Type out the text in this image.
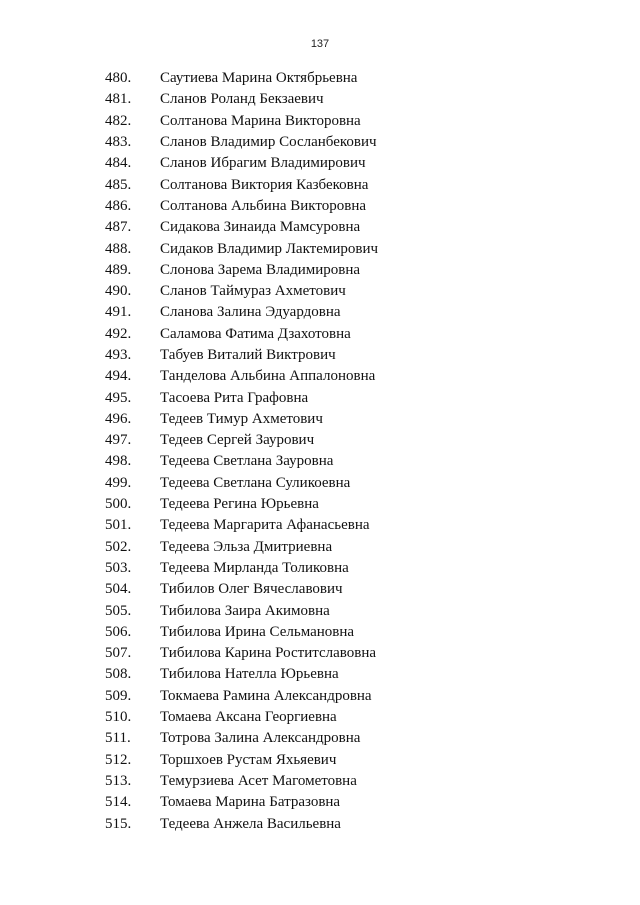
137
480.	Саутиева Марина Октябрьевна
481.	Сланов Роланд Бекзаевич
482.	Солтанова Марина Викторовна
483.	Сланов Владимир Сосланбекович
484.	Сланов Ибрагим Владимирович
485.	Солтанова Виктория Казбековна
486.	Солтанова Альбина Викторовна
487.	Сидакова Зинаида Мамсуровна
488.	Сидаков Владимир Лактемирович
489.	Слонова Зарема Владимировна
490.	Сланов Таймураз Ахметович
491.	Сланова Залина Эдуардовна
492.	Саламова Фатима Дзахотовна
493.	Табуев Виталий Виктрович
494.	Танделова Альбина Аппалоновна
495.	Тасоева Рита Графовна
496.	Тедеев Тимур Ахметович
497.	Тедеев Сергей Заурович
498.	Тедеева Светлана Зауровна
499.	Тедеева Светлана Суликоевна
500.	Тедеева Регина Юрьевна
501.	Тедеева Маргарита Афанасьевна
502.	Тедеева Эльза Дмитриевна
503.	Тедеева Мирланда Толиковна
504.	Тибилов Олег Вячеславович
505.	Тибилова Заира Акимовна
506.	Тибилова Ирина Сельмановна
507.	Тибилова Карина Роститславовна
508.	Тибилова Нателла Юрьевна
509.	Токмаева Рамина Александровна
510.	Томаева Аксана Георгиевна
511.	Тотрова Залина Александровна
512.	Торшхоев Рустам Яхьяевич
513.	Темурзиева Асет Магометовна
514.	Томаева Марина Батразовна
515.	Тедеева Анжела Васильевна
